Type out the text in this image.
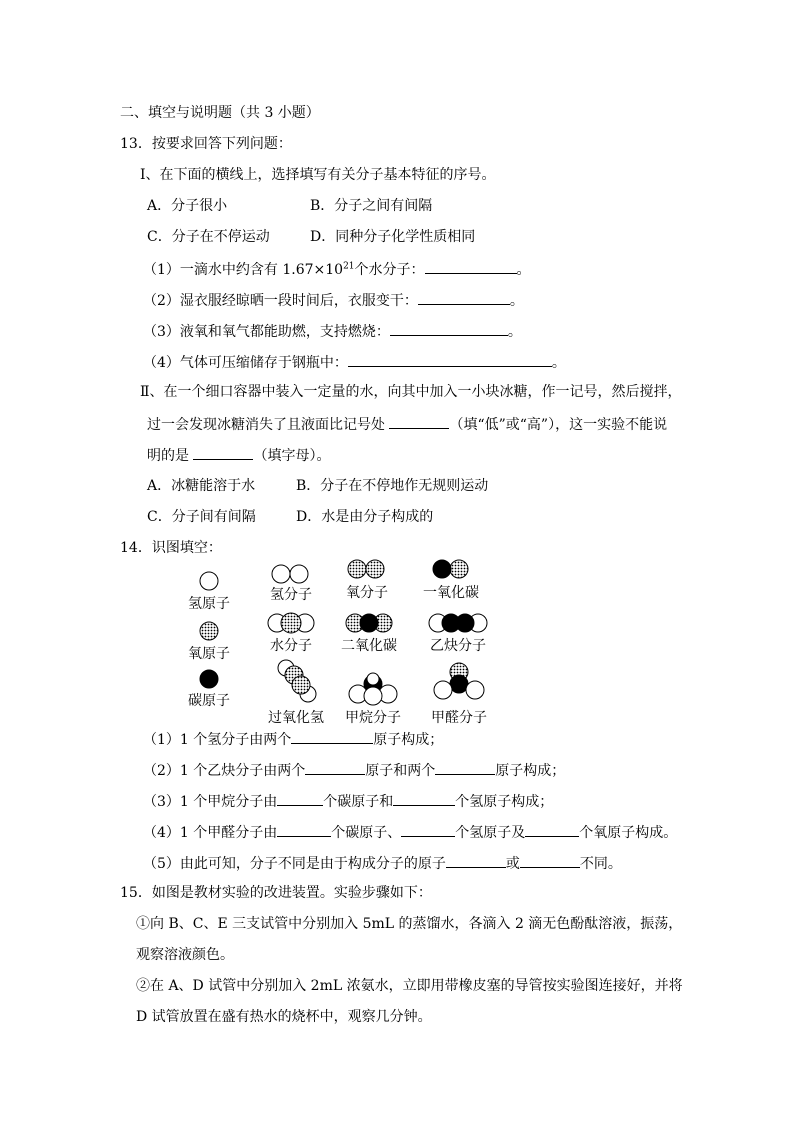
二、填空与说明题（共 3 小题）
13．按要求回答下列问题：
Ⅰ、在下面的横线上，选择填写有关分子基本特征的序号。
A．分子很小	B．分子之间有间隔
C．分子在不停运动	D．同种分子化学性质相同
（1）一滴水中约含有 $1.67\times 10^{21}$个水分子：	。
（2）湿衣服经晾晒一段时间后，衣服变干：	。
（3）液氧和氧气都能助燃，支持燃烧：	。
（4）气体可压缩储存于钢瓶中：	。
Ⅱ、在一个细口容器中装入一定量的水，向其中加入一小块冰糖，作一记号，然后搅拌，
过一会发现冰糖消失了且液面比记号处	（填“低”或“高”），这一实验不能说
明的是	（填字母）。
A．冰糖能溶于水	B．分子在不停地作无规则运动
C．分子间有间隔	D．水是由分子构成的
14．识图填空：
氢原子
氢分子	氧分子	一氧化碳
氧原子	水分子	二氧化碳	乙炔分子
碳原子
过氧化氢	甲烷分子	甲醛分子
（1）1 个氢分子由两个	原子构成；
（2）1 个乙炔分子由两个	原子和两个	原子构成；
（3）1 个甲烷分子由	个碳原子和	个氢原子构成；
（4）1 个甲醛分子由	个碳原子、	个氢原子及	个氧原子构成。
（5）由此可知，分子不同是由于构成分子的原子	或	不同。
15．如图是教材实验的改进装置。实验步骤如下：
①向 B、C、E 三支试管中分别加入 5mL 的蒸馏水，各滴入 2 滴无色酚酞溶液，振荡，
观察溶液颜色。
②在 A、D 试管中分别加入 2mL 浓氨水，立即用带橡皮塞的导管按实验图连接好，并将
D 试管放置在盛有热水的烧杯中，观察几分钟。
